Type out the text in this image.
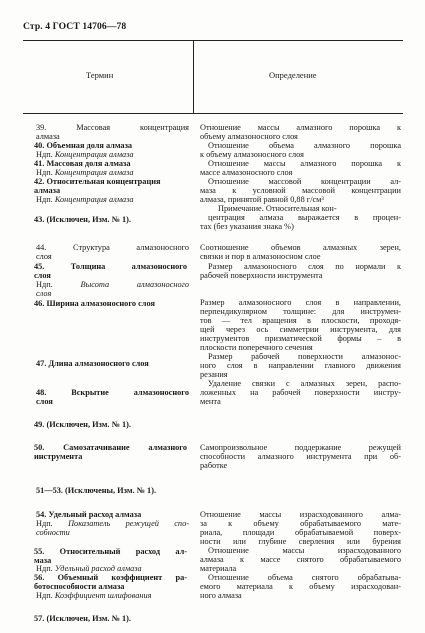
Стр. 4 ГОСТ 14706—78
Термин	Определение
39. Массовая концентрация
алмаза
40. Объемная доля алмаза
Ндп. Концентрация алмаза
41. Массовая доля алмаза
Ндп. Концентрация алмаза
42. Относительная концентрация
алмаза
Ндп. Концентрация алмаза
43. (Исключен, Изм. № 1).
44. Структура алмазоносного
слоя
45. Толщина алмазоносного
слоя
Ндп. Высота алмазоносного
слоя
46. Ширина алмазоносного слоя
47. Длина алмазоносного слоя
48. Вскрытие алмазоносного
слоя
49. (Исключен, Изм. № 1).
50. Самозатачивание алмазного
инструмента
51—53. (Исключены, Изм. № 1).
54. Удельный расход алмаза
Ндп. Показатель режущей спо-
собности
55. Относительный расход ал-
маза
Ндп. Удельный расход алмаза
56. Объемный коэффициент ра-
ботоспособности алмаза
Ндп. Коэффициент шлифования
57. (Исключен, Изм. № 1).
Отношение массы алмазного порошка к
объему алмазоносного слоя
Отношение объема алмазного порошка
к объему алмазоносного слоя
Отношение массы алмазного порошка к
массе алмазоносного слоя
Отношение массовой концентрации ал-
маза к условной массовой концентрации
алмаза, принятой равной 0,88 г/см³
Примечание. Относительная кон-
центрация алмаза выражается в процен-
тах (без указания знака %)
Соотношение объемов алмазных зерен,
связки и пор в алмазоносном слое
Размер алмазоносного слоя по нормали к
рабочей поверхности инструмента
Размер алмазоносного слоя в направлении,
перпендикулярном толщине: для инструмен-
тов — тел вращения в плоскости, проходя-
щей через ось симметрии инструмента, для
инструментов призматической формы – в
плоскости поперечного сечения
Размер рабочей поверхности алмазонос-
ного слоя в направлении главного движения
резания
Удаление связки с алмазных зерен, распо-
ложенных на рабочей поверхности инстру-
мента
Самопроизвольное поддержание режущей
способности алмазного инструмента при об-
работке
Отношение массы израсходованного алма-
за к объему обрабатываемого мате-
риала, площади обрабатываемой поверх-
ности или глубине сверления или бурения
Отношение массы израсходованного
алмаза к массе снятого обрабатываемого
материала
Отношение объема снятого обрабатыва-
емого материала к объему израсходован-
ного алмаза
